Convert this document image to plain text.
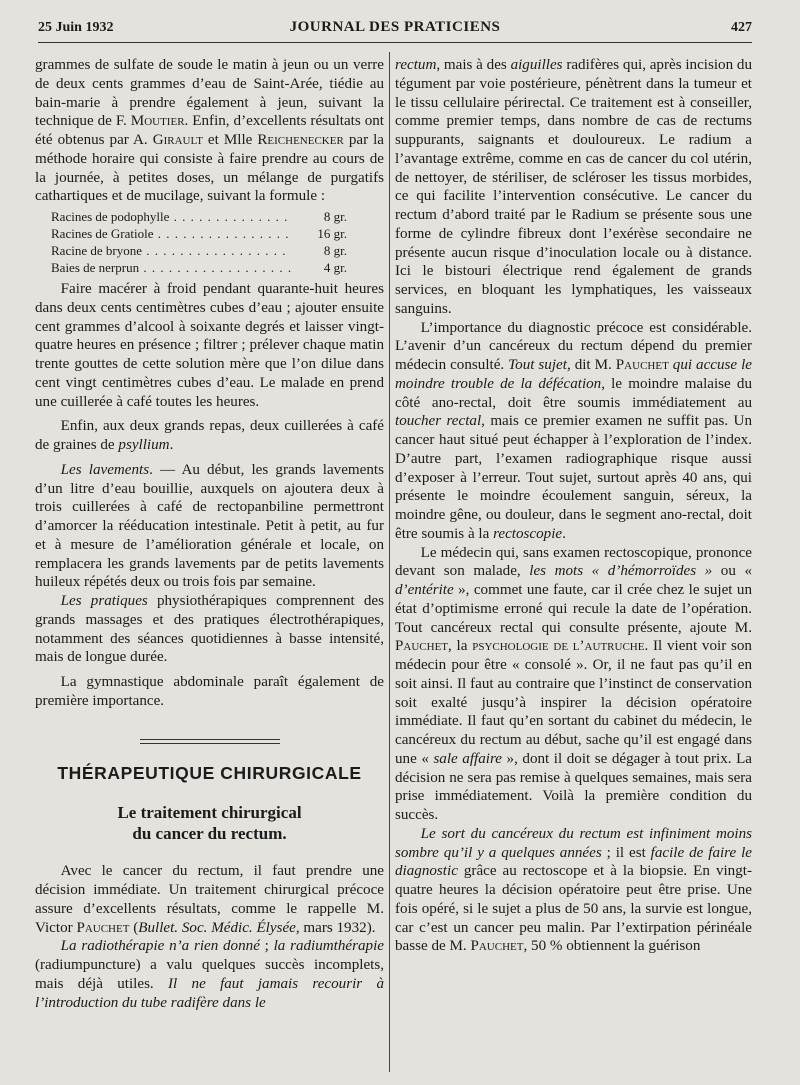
25 Juin 1932	JOURNAL DES PRATICIENS	427

grammes de sulfate de soude le matin à jeun ou un verre de deux cents grammes d’eau de Saint-Arée, tiédie au bain-marie à prendre également à jeun, suivant la technique de F. Moutier. Enfin, d’excellents résultats ont été obtenus par A. Girault et Mlle Reichenecker par la méthode horaire qui consiste à faire prendre au cours de la journée, à petites doses, un mélange de purgatifs cathartiques et de mucilage, suivant la formule :

Racines de podophylle . . .	8 gr.
Racines de Gratiole . . .	16 gr.
Racine de bryone . . .	8 gr.
Baies de nerprun . . .	4 gr.

Faire macérer à froid pendant quarante-huit heures dans deux cents centimètres cubes d’eau ; ajouter ensuite cent grammes d’alcool à soixante degrés et laisser vingt-quatre heures en présence ; filtrer ; prélever chaque matin trente gouttes de cette solution mère que l’on dilue dans cent vingt centimètres cubes d’eau. Le malade en prend une cuillerée à café toutes les heures.

Enfin, aux deux grands repas, deux cuillerées à café de graines de psyllium.

Les lavements. — Au début, les grands lavements d’un litre d’eau bouillie, auxquels on ajoutera deux à trois cuillerées à café de rectopanbiline permettront d’amorcer la rééducation intestinale. Petit à petit, au fur et à mesure de l’amélioration générale et locale, on remplacera les grands lavements par de petits lavements huileux répétés deux ou trois fois par semaine.

Les pratiques physiothérapiques comprennent des grands massages et des pratiques électrothérapiques, notamment des séances quotidiennes à basse intensité, mais de longue durée.

La gymnastique abdominale paraît également de première importance.

THÉRAPEUTIQUE CHIRURGICALE
Le traitement chirurgical
du cancer du rectum.

Avec le cancer du rectum, il faut prendre une décision immédiate. Un traitement chirurgical précoce assure d’excellents résultats, comme le rappelle M. Victor Pauchet (Bullet. Soc. Médic. Élysée, mars 1932).

La radiothérapie n’a rien donné ; la radiumthérapie (radiumpuncture) a valu quelques succès incomplets, mais déjà utiles. Il ne faut jamais recourir à l’introduction du tube radifère dans le

rectum, mais à des aiguilles radifères qui, après incision du tégument par voie postérieure, pénètrent dans la tumeur et le tissu cellulaire périrectal. Ce traitement est à conseiller, comme premier temps, dans nombre de cas de rectums suppurants, saignants et douloureux. Le radium a l’avantage extrême, comme en cas de cancer du col utérin, de nettoyer, de stériliser, de scléroser les tissus morbides, ce qui facilite l’intervention consécutive. Le cancer du rectum d’abord traité par le Radium se présente sous une forme de cylindre fibreux dont l’exérèse secondaire ne présente aucun risque d’inoculation locale ou à distance. Ici le bistouri électrique rend également de grands services, en bloquant les lymphatiques, les vaisseaux sanguins.

L’importance du diagnostic précoce est considérable. L’avenir d’un cancéreux du rectum dépend du premier médecin consulté. Tout sujet, dit M. Pauchet qui accuse le moindre trouble de la défécation, le moindre malaise du côté ano-rectal, doit être soumis immédiatement au toucher rectal, mais ce premier examen ne suffit pas. Un cancer haut situé peut échapper à l’exploration de l’index. D’autre part, l’examen radiographique risque aussi d’exposer à l’erreur. Tout sujet, surtout après 40 ans, qui présente le moindre écoulement sanguin, séreux, la moindre gêne, ou douleur, dans le segment ano-rectal, doit être soumis à la rectoscopie.

Le médecin qui, sans examen rectoscopique, prononce devant son malade, les mots « d’hémorroïdes » ou « d’entérite », commet une faute, car il crée chez le sujet un état d’optimisme erroné qui recule la date de l’opération. Tout cancéreux rectal qui consulte présente, ajoute M. Pauchet, la psychologie de l’autruche. Il vient voir son médecin pour être « consolé ». Or, il ne faut pas qu’il en soit ainsi. Il faut au contraire que l’instinct de conservation soit exalté jusqu’à inspirer la décision opératoire immédiate. Il faut qu’en sortant du cabinet du médecin, le cancéreux du rectum au début, sache qu’il est engagé dans une « sale affaire », dont il doit se dégager à tout prix. La décision ne sera pas remise à quelques semaines, mais sera prise immédiatement. Voilà la première condition du succès.

Le sort du cancéreux du rectum est infiniment moins sombre qu’il y a quelques années ; il est facile de faire le diagnostic grâce au rectoscope et à la biopsie. En vingt-quatre heures la décision opératoire peut être prise. Une fois opéré, si le sujet a plus de 50 ans, la survie est longue, car c’est un cancer peu malin. Par l’extirpation périnéale basse de M. Pauchet, 50 % obtiennent la guérison
